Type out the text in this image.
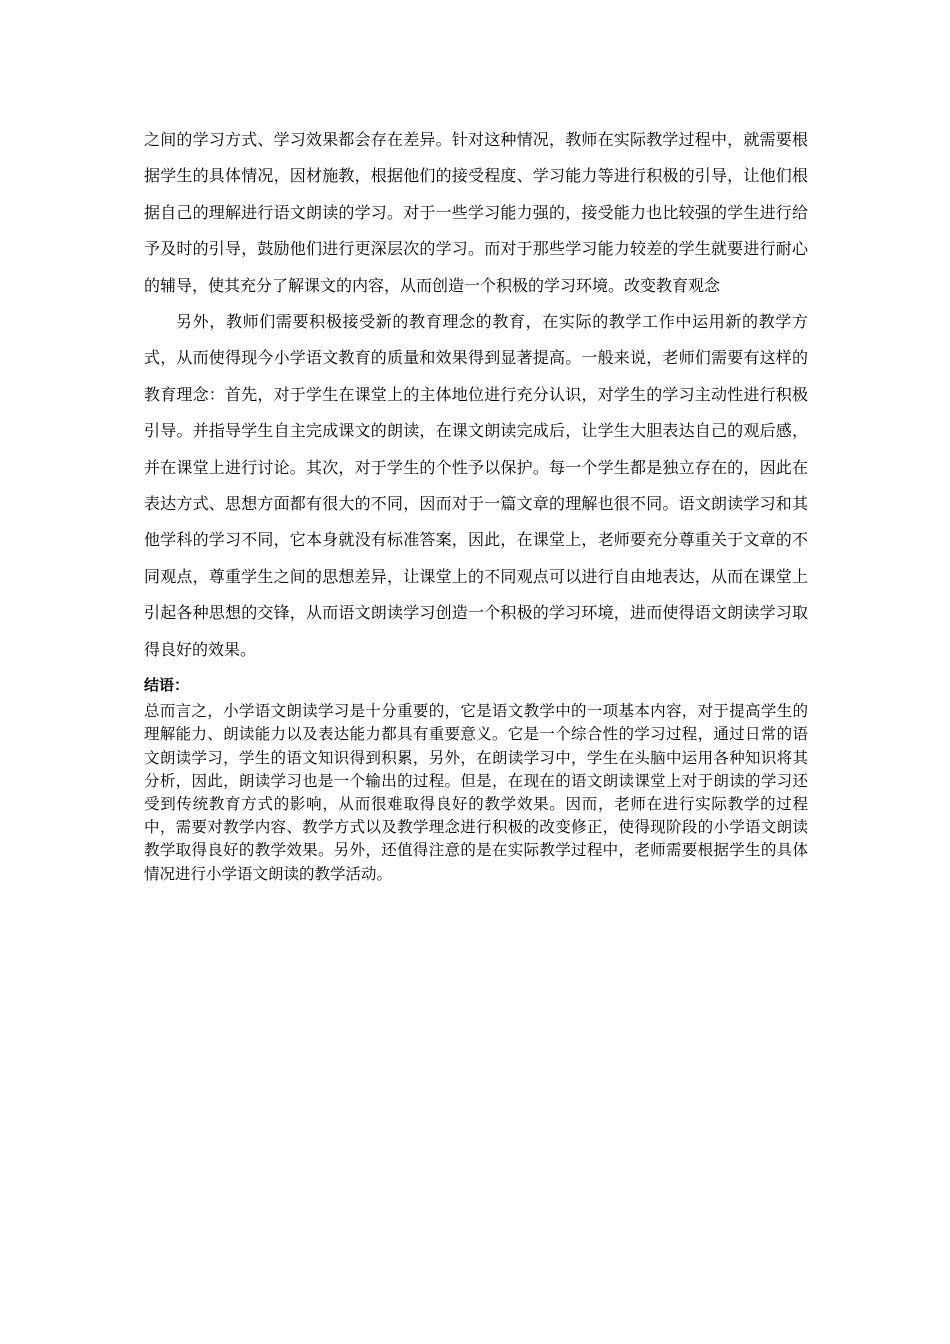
之间的学习方式、学习效果都会存在差异。针对这种情况，教师在实际教学过程中，就需要根据学生的具体情况，因材施教，根据他们的接受程度、学习能力等进行积极的引导，让他们根据自己的理解进行语文朗读的学习。对于一些学习能力强的，接受能力也比较强的学生进行给予及时的引导，鼓励他们进行更深层次的学习。而对于那些学习能力较差的学生就要进行耐心的辅导，使其充分了解课文的内容，从而创造一个积极的学习环境。改变教育观念

另外，教师们需要积极接受新的教育理念的教育，在实际的教学工作中运用新的教学方式，从而使得现今小学语文教育的质量和效果得到显著提高。一般来说，老师们需要有这样的教育理念：首先，对于学生在课堂上的主体地位进行充分认识，对学生的学习主动性进行积极引导。并指导学生自主完成课文的朗读，在课文朗读完成后，让学生大胆表达自己的观后感，并在课堂上进行讨论。其次，对于学生的个性予以保护。每一个学生都是独立存在的，因此在表达方式、思想方面都有很大的不同，因而对于一篇文章的理解也很不同。语文朗读学习和其他学科的学习不同，它本身就没有标准答案，因此，在课堂上，老师要充分尊重关于文章的不同观点，尊重学生之间的思想差异，让课堂上的不同观点可以进行自由地表达，从而在课堂上引起各种思想的交锋，从而语文朗读学习创造一个积极的学习环境，进而使得语文朗读学习取得良好的效果。

结语：

总而言之，小学语文朗读学习是十分重要的，它是语文教学中的一项基本内容，对于提高学生的理解能力、朗读能力以及表达能力都具有重要意义。它是一个综合性的学习过程，通过日常的语文朗读学习，学生的语文知识得到积累，另外，在朗读学习中，学生在头脑中运用各种知识将其分析，因此，朗读学习也是一个输出的过程。但是，在现在的语文朗读课堂上对于朗读的学习还受到传统教育方式的影响，从而很难取得良好的教学效果。因而，老师在进行实际教学的过程中，需要对教学内容、教学方式以及教学理念进行积极的改变修正，使得现阶段的小学语文朗读教学取得良好的教学效果。另外，还值得注意的是在实际教学过程中，老师需要根据学生的具体情况进行小学语文朗读的教学活动。
